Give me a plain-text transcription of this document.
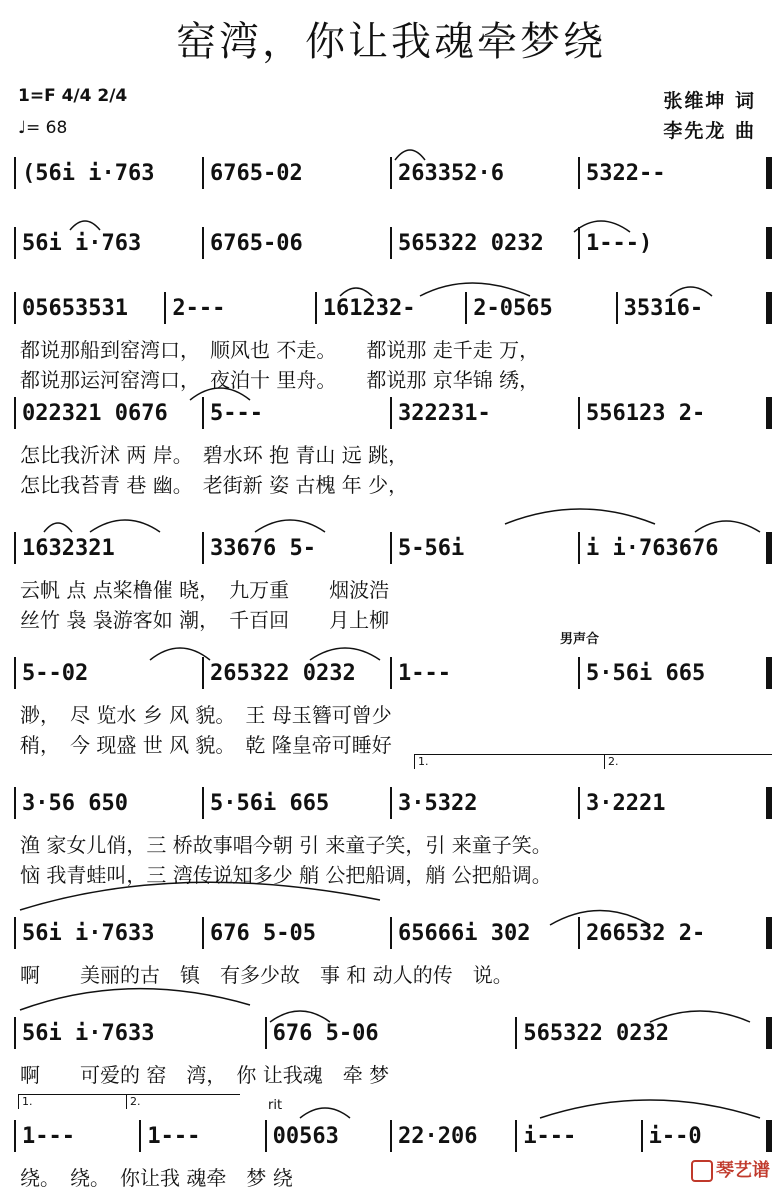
窑湾，你让我魂牵梦绕
1=F 4/4 2/4
♩= 68
张维坤 词
李先龙 曲
男声合
rit
1.	2.
1.	2.
(56i i·763	6765-02	263352·6	5322--
56i i·763	6765-06	565322 0232	1---)
05653531	2---	161232-	2-0565	35316-
都说那船到窑湾口，　顺风也 不走。　　都说那 走千走 万，
都说那运河窑湾口，　夜泊十 里舟。　　都说那 京华锦 绣，
022321 0676	5---	322231-	556123 2-
怎比我沂沭 两 岸。　碧水环 抱 青山 远 跳，
怎比我苔青 巷 幽。　老街新 姿 古槐 年 少，
1632321	33676 5-	5-56i	i i·763676
云帆 点 点桨橹催 晓，　九万重　　烟波浩
丝竹 袅 袅游客如 潮，　千百回　　月上柳
5--02	265322 0232	1---	5·56i 665
渺，　尽 览水 乡 风 貌。　王 母玉簪可曾少
稍，　今 现盛 世 风 貌。　乾 隆皇帝可睡好
3·56 650	5·56i 665	3·5322	3·2221
渔 家女儿俏，三 桥故事唱今朝 引 来童子笑，引 来童子笑。
恼 我青蛙叫，三 湾传说知多少 艄 公把船调，艄 公把船调。
56i i·7633	676 5-05	65666i 302	266532 2-
啊　　美丽的古　镇　有多少故　事 和 动人的传　说。
56i i·7633	676 5-06	565322 0232
啊　　可爱的 窑　湾，　你 让我魂　牵 梦
1---	1---	00563	22·206	i---	i--0
绕。　绕。　你让我 魂牵　梦 绕	琴艺谱
